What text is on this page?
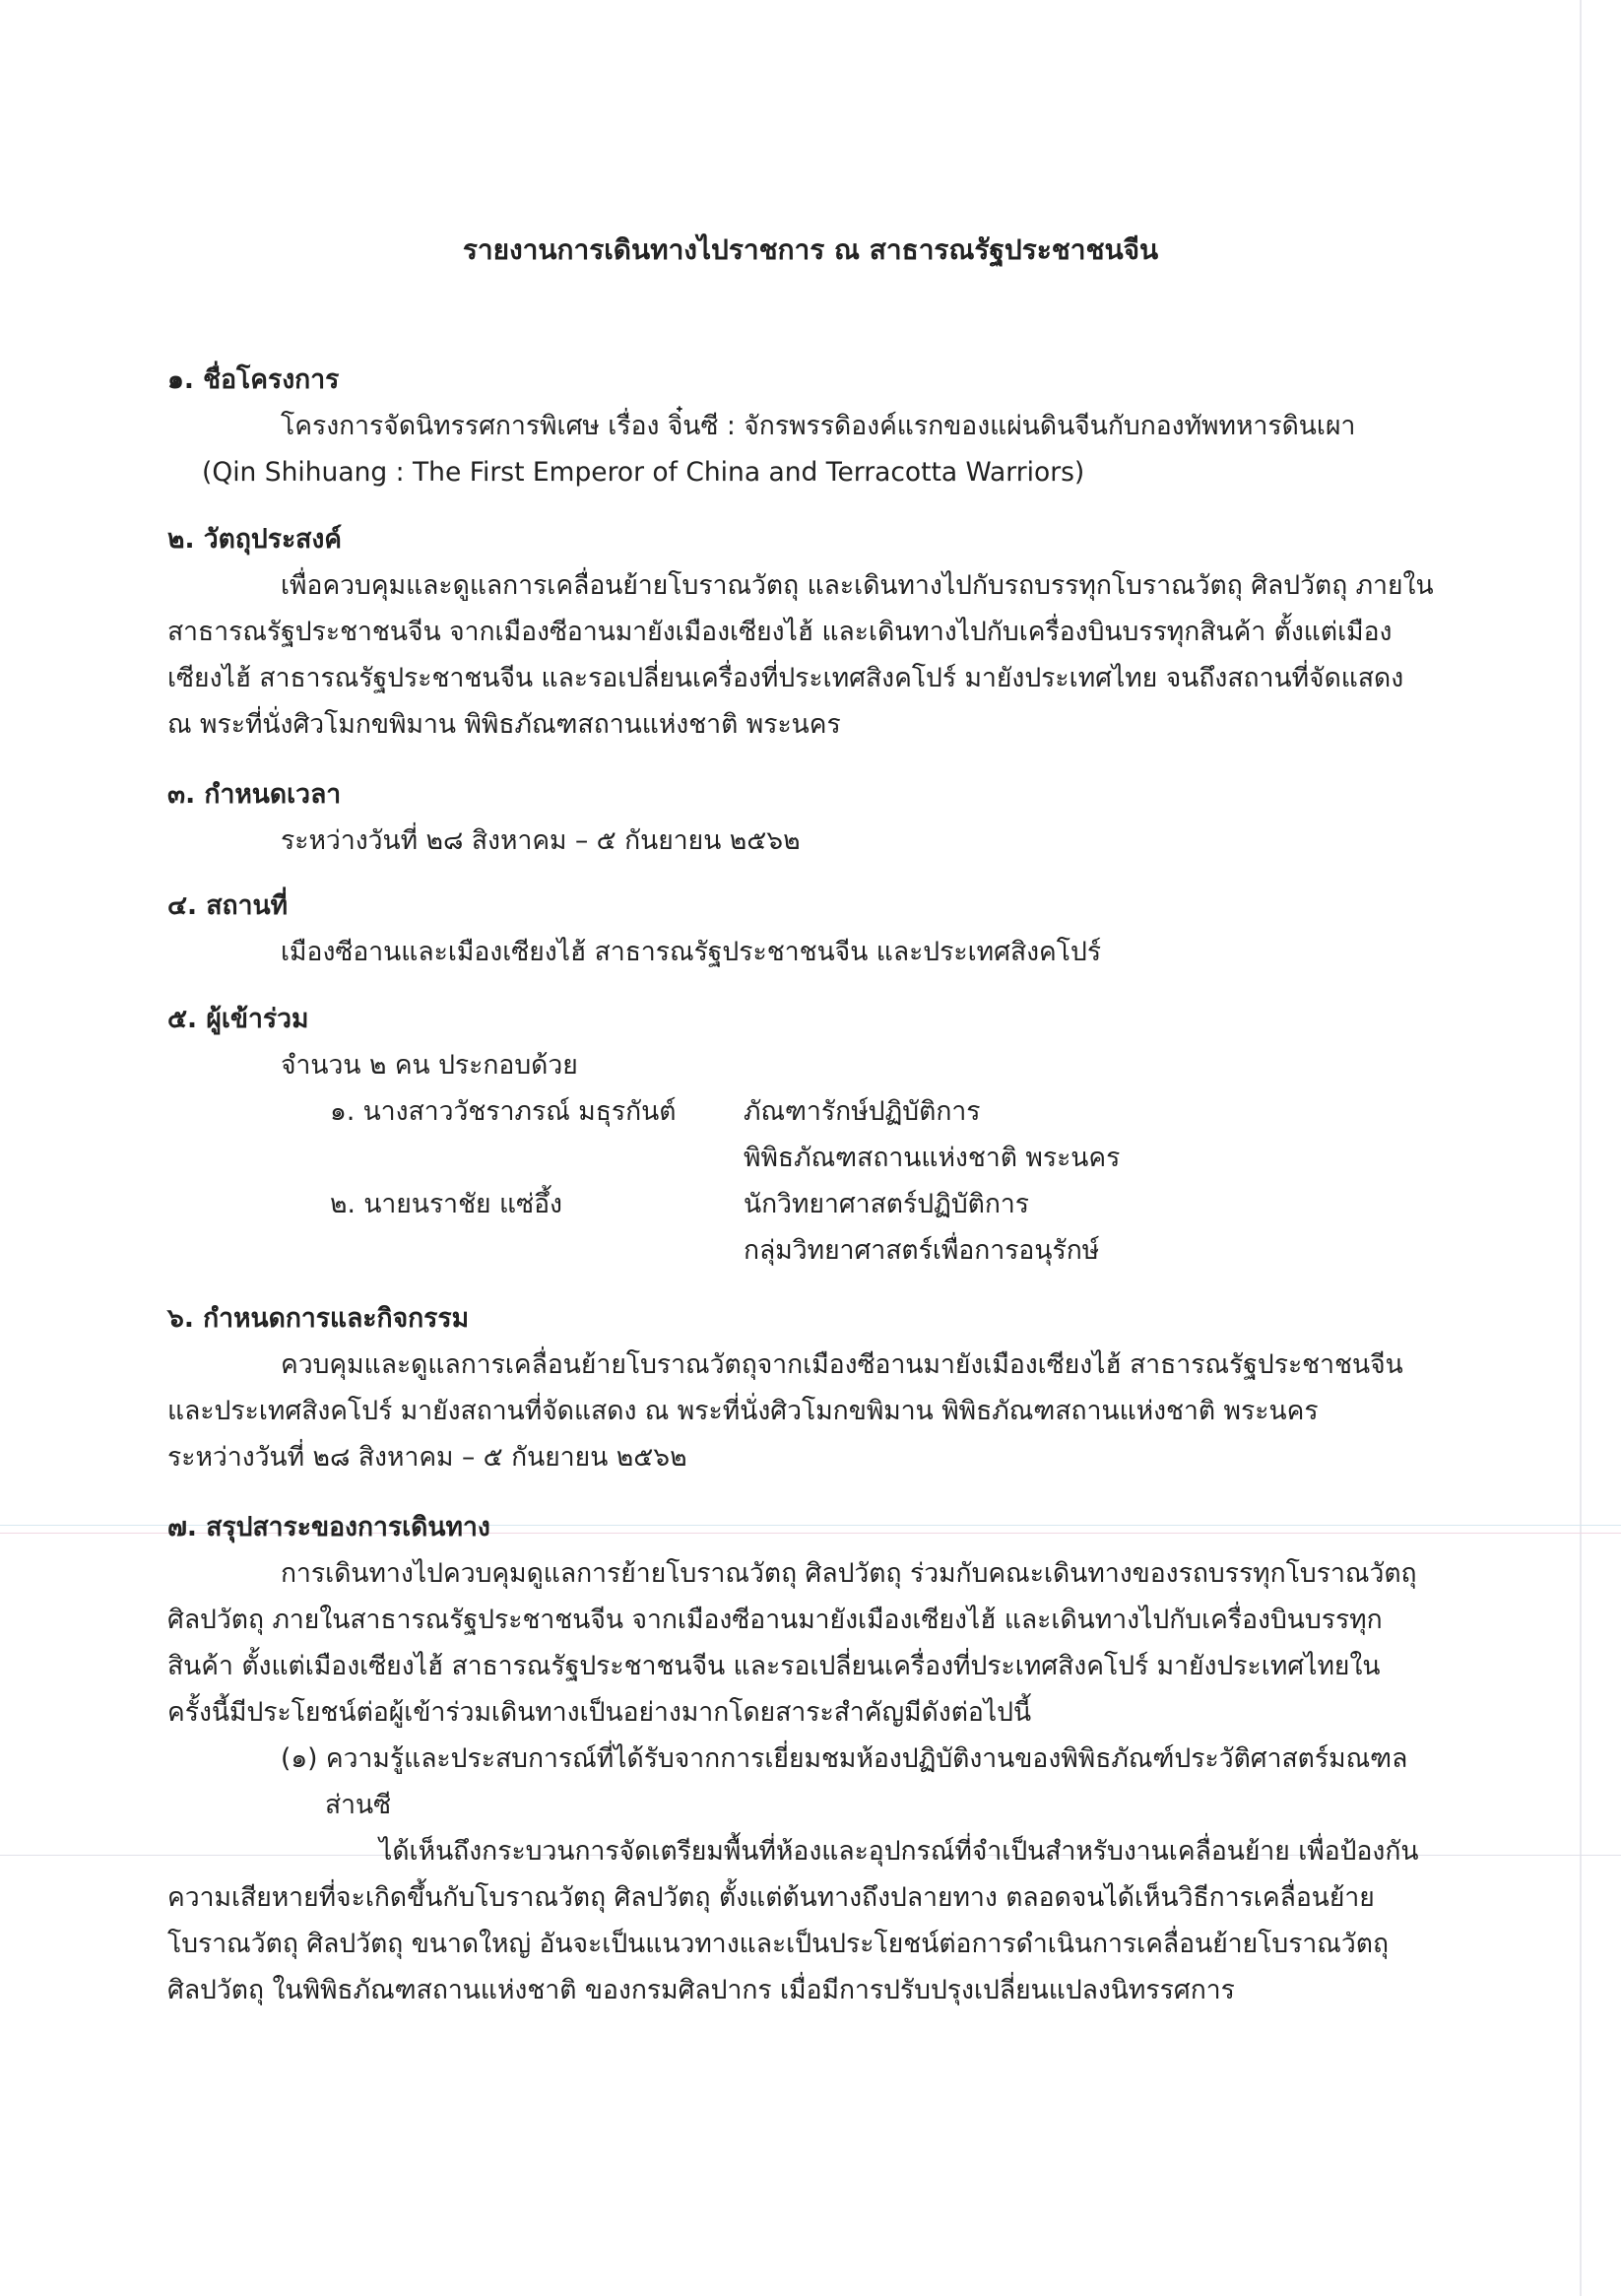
รายงานการเดินทางไปราชการ ณ สาธารณรัฐประชาชนจีน
๑. ชื่อโครงการ
โครงการจัดนิทรรศการพิเศษ เรื่อง จิ๋นซี : จักรพรรดิองค์แรกของแผ่นดินจีนกับกองทัพทหารดินเผา
(Qin Shihuang : The First Emperor of China and Terracotta Warriors)
๒. วัตถุประสงค์
เพื่อควบคุมและดูแลการเคลื่อนย้ายโบราณวัตถุ และเดินทางไปกับรถบรรทุกโบราณวัตถุ ศิลปวัตถุ ภายใน
สาธารณรัฐประชาชนจีน จากเมืองซีอานมายังเมืองเซียงไฮ้ และเดินทางไปกับเครื่องบินบรรทุกสินค้า ตั้งแต่เมือง
เซียงไฮ้ สาธารณรัฐประชาชนจีน และรอเปลี่ยนเครื่องที่ประเทศสิงคโปร์ มายังประเทศไทย จนถึงสถานที่จัดแสดง
ณ พระที่นั่งศิวโมกขพิมาน พิพิธภัณฑสถานแห่งชาติ พระนคร
๓. กำหนดเวลา
ระหว่างวันที่ ๒๘ สิงหาคม – ๕ กันยายน ๒๕๖๒
๔. สถานที่
เมืองซีอานและเมืองเซียงไฮ้ สาธารณรัฐประชาชนจีน และประเทศสิงคโปร์
๕. ผู้เข้าร่วม
จำนวน ๒ คน ประกอบด้วย
๑. นางสาววัชราภรณ์ มธุรกันต์	ภัณฑารักษ์ปฏิบัติการ
พิพิธภัณฑสถานแห่งชาติ พระนคร
๒. นายนราชัย แซ่อึ้ง	นักวิทยาศาสตร์ปฏิบัติการ
กลุ่มวิทยาศาสตร์เพื่อการอนุรักษ์
๖. กำหนดการและกิจกรรม
ควบคุมและดูแลการเคลื่อนย้ายโบราณวัตถุจากเมืองซีอานมายังเมืองเซียงไฮ้ สาธารณรัฐประชาชนจีน
และประเทศสิงคโปร์ มายังสถานที่จัดแสดง ณ พระที่นั่งศิวโมกขพิมาน พิพิธภัณฑสถานแห่งชาติ พระนคร
ระหว่างวันที่ ๒๘ สิงหาคม – ๕ กันยายน ๒๕๖๒
๗. สรุปสาระของการเดินทาง
การเดินทางไปควบคุมดูแลการย้ายโบราณวัตถุ ศิลปวัตถุ ร่วมกับคณะเดินทางของรถบรรทุกโบราณวัตถุ
ศิลปวัตถุ ภายในสาธารณรัฐประชาชนจีน จากเมืองซีอานมายังเมืองเซียงไฮ้ และเดินทางไปกับเครื่องบินบรรทุก
สินค้า ตั้งแต่เมืองเซียงไฮ้ สาธารณรัฐประชาชนจีน และรอเปลี่ยนเครื่องที่ประเทศสิงคโปร์ มายังประเทศไทยใน
ครั้งนี้มีประโยชน์ต่อผู้เข้าร่วมเดินทางเป็นอย่างมากโดยสาระสำคัญมีดังต่อไปนี้
(๑) ความรู้และประสบการณ์ที่ได้รับจากการเยี่ยมชมห้องปฏิบัติงานของพิพิธภัณฑ์ประวัติศาสตร์มณฑล
ส่านซี
ได้เห็นถึงกระบวนการจัดเตรียมพื้นที่ห้องและอุปกรณ์ที่จำเป็นสำหรับงานเคลื่อนย้าย เพื่อป้องกัน
ความเสียหายที่จะเกิดขึ้นกับโบราณวัตถุ ศิลปวัตถุ ตั้งแต่ต้นทางถึงปลายทาง ตลอดจนได้เห็นวิธีการเคลื่อนย้าย
โบราณวัตถุ ศิลปวัตถุ ขนาดใหญ่ อันจะเป็นแนวทางและเป็นประโยชน์ต่อการดำเนินการเคลื่อนย้ายโบราณวัตถุ
ศิลปวัตถุ ในพิพิธภัณฑสถานแห่งชาติ ของกรมศิลปากร เมื่อมีการปรับปรุงเปลี่ยนแปลงนิทรรศการ
